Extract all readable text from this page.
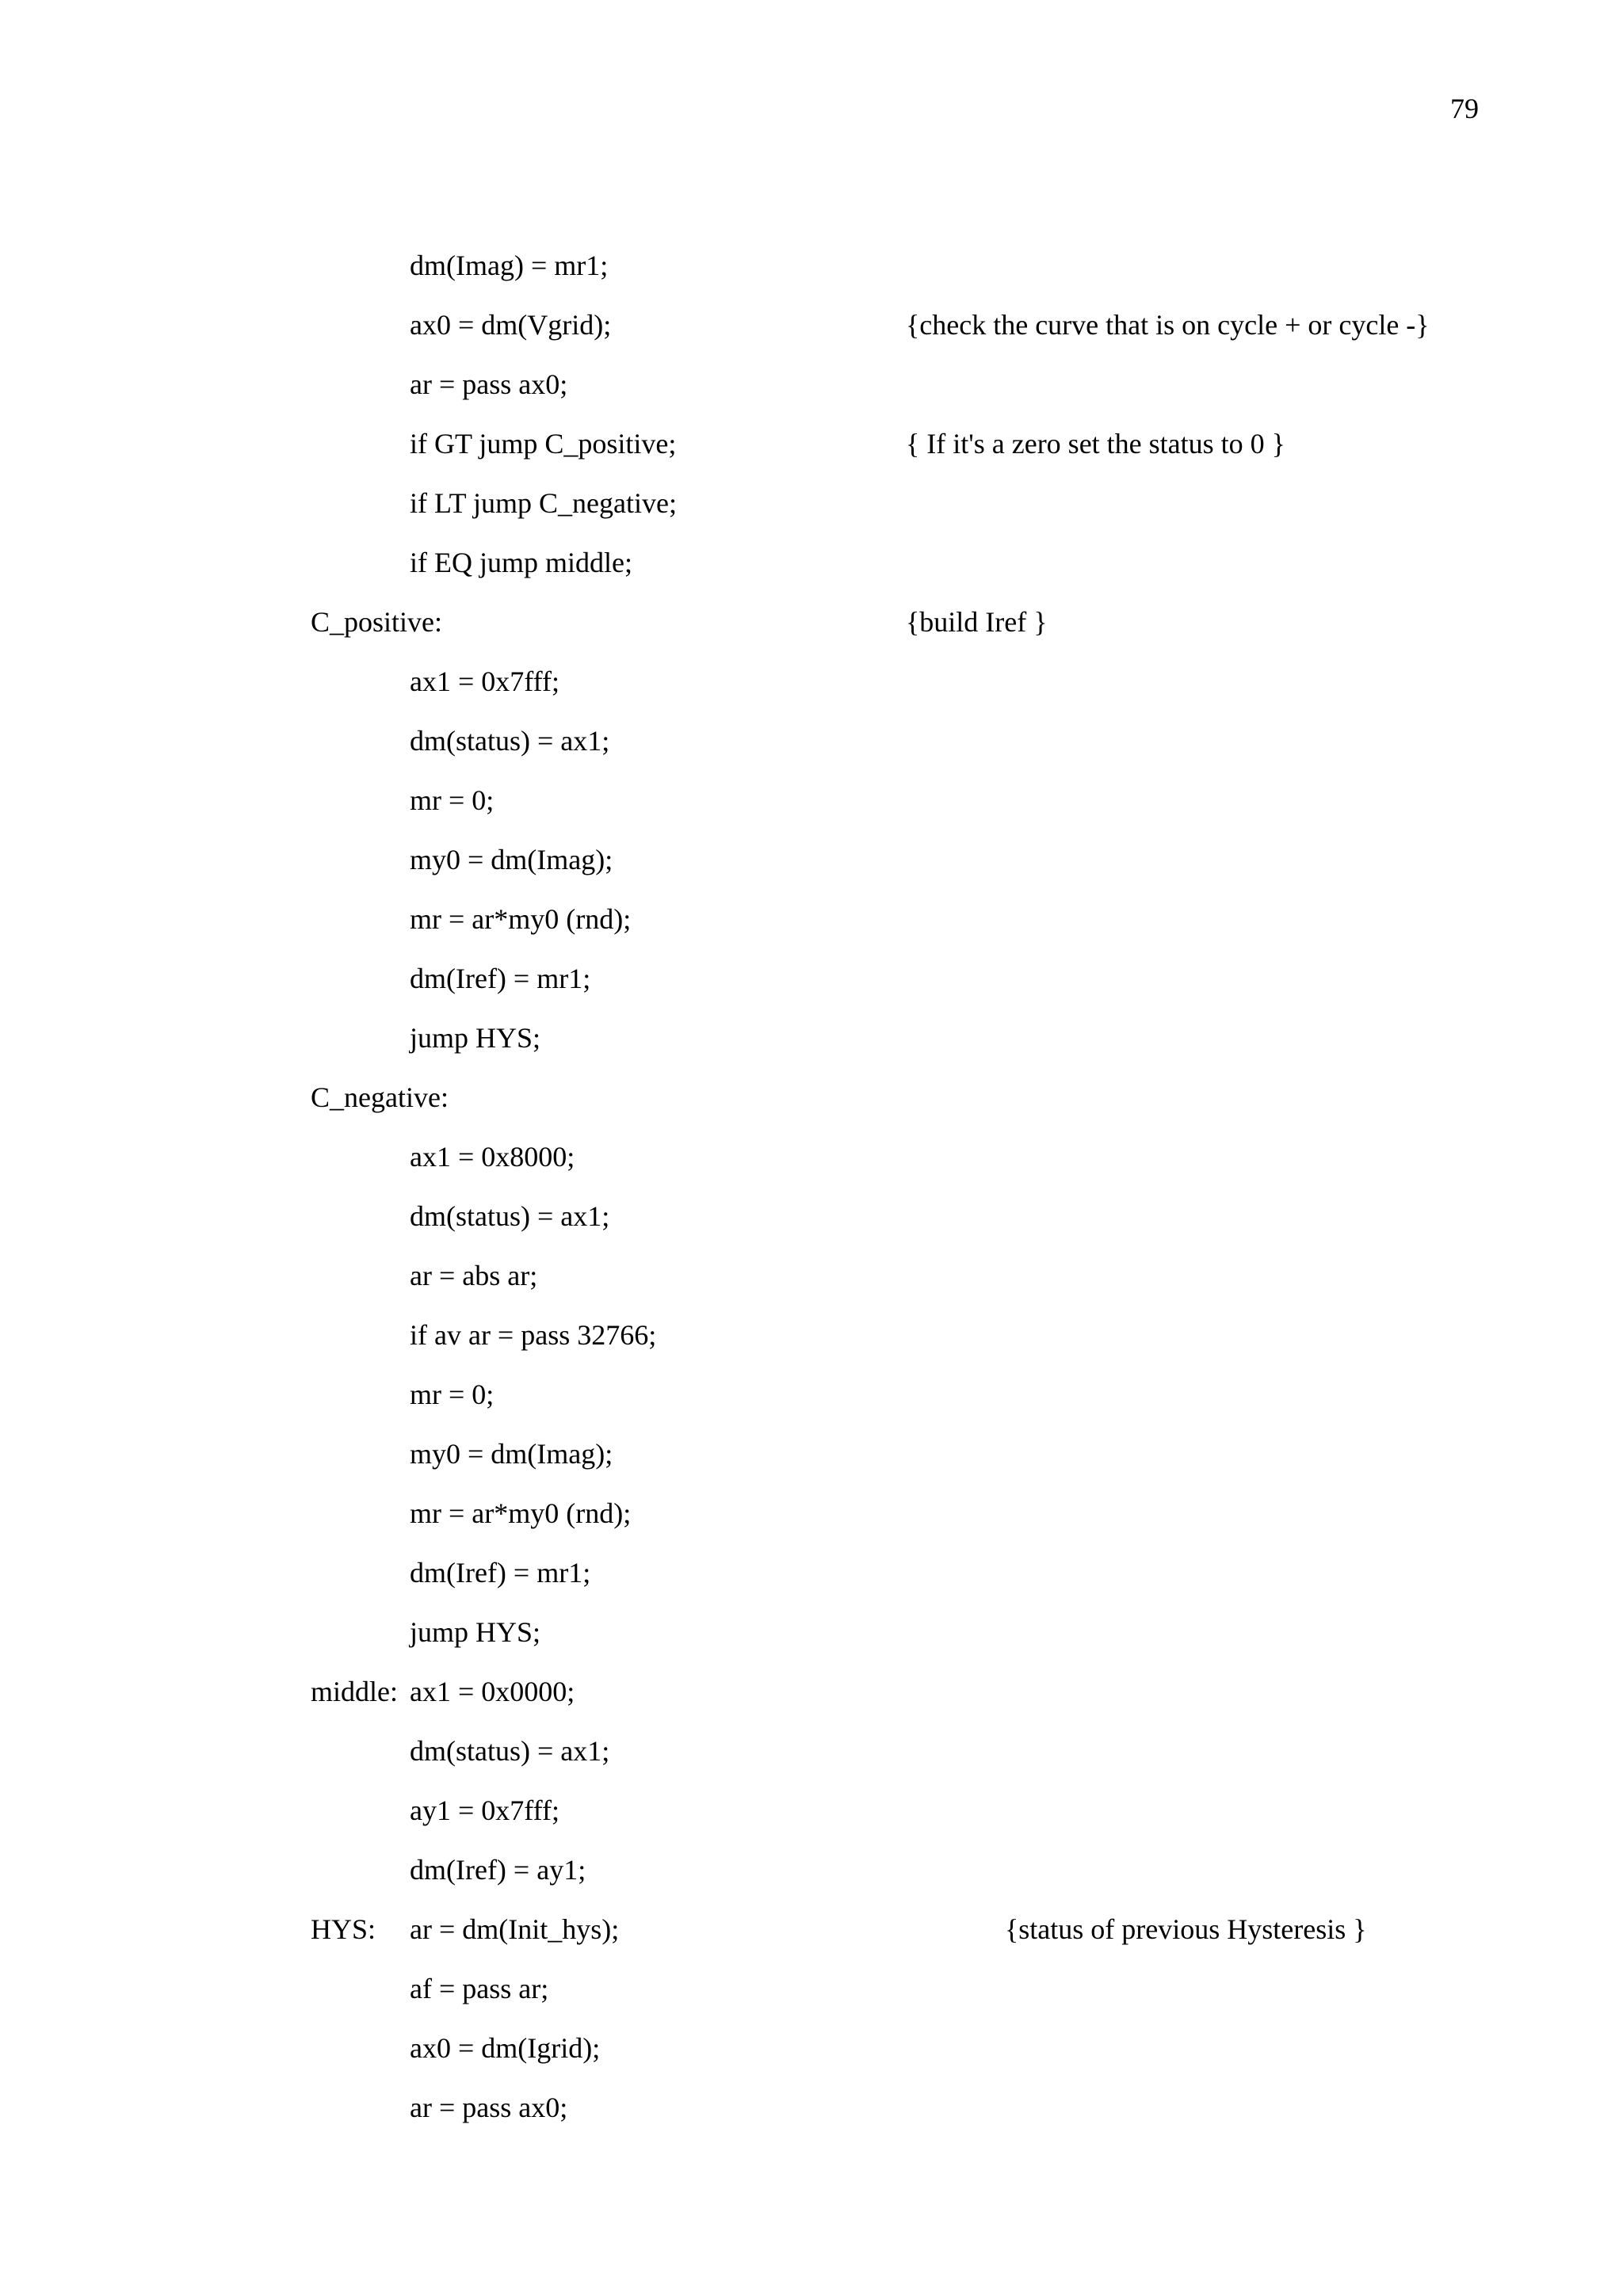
79
dm(Imag) = mr1;
ax0 = dm(Vgrid);	{check the curve that is on cycle + or cycle -}
ar = pass ax0;
if GT jump C_positive;	{ If it's a zero set the status to 0 }
if LT jump C_negative;
if EQ jump middle;
C_positive:	{build Iref }
ax1 = 0x7fff;
dm(status) = ax1;
mr = 0;
my0 = dm(Imag);
mr = ar*my0 (rnd);
dm(Iref) = mr1;
jump HYS;
C_negative:
ax1 = 0x8000;
dm(status) = ax1;
ar = abs ar;
if av ar = pass 32766;
mr = 0;
my0 = dm(Imag);
mr = ar*my0 (rnd);
dm(Iref) = mr1;
jump HYS;
middle: ax1 = 0x0000;
dm(status) = ax1;
ay1 = 0x7fff;
dm(Iref) = ay1;
HYS: ar = dm(Init_hys);	{status of previous Hysteresis }
af = pass ar;
ax0 = dm(Igrid);
ar = pass ax0;
